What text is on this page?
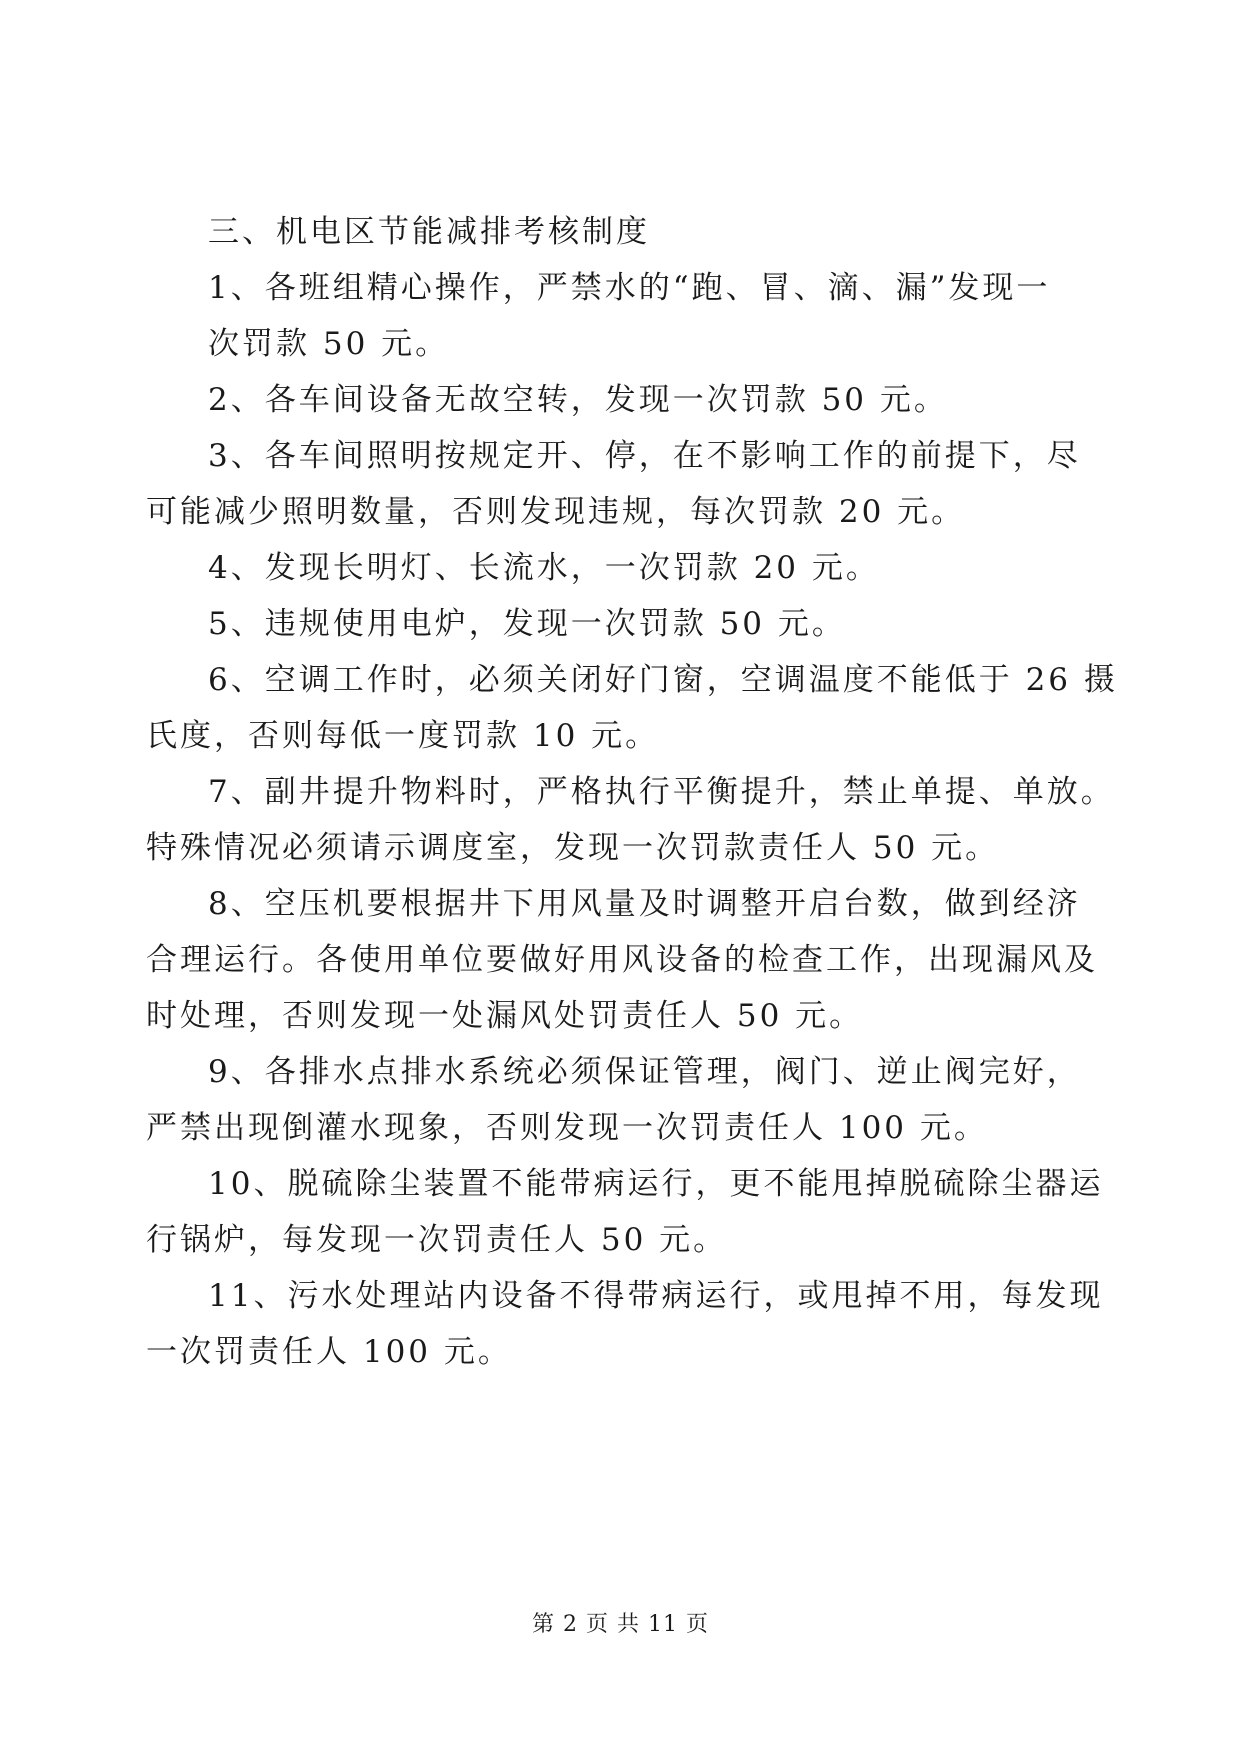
三、机电区节能减排考核制度
1、各班组精心操作，严禁水的“跑、冒、滴、漏”发现一
次罚款 50 元。
2、各车间设备无故空转，发现一次罚款 50 元。
3、各车间照明按规定开、停，在不影响工作的前提下，尽
可能减少照明数量，否则发现违规，每次罚款 20 元。
4、发现长明灯、长流水，一次罚款 20 元。
5、违规使用电炉，发现一次罚款 50 元。
6、空调工作时，必须关闭好门窗，空调温度不能低于 26 摄
氏度，否则每低一度罚款 10 元。
7、副井提升物料时，严格执行平衡提升，禁止单提、单放。
特殊情况必须请示调度室，发现一次罚款责任人 50 元。
8、空压机要根据井下用风量及时调整开启台数，做到经济
合理运行。各使用单位要做好用风设备的检查工作，出现漏风及
时处理，否则发现一处漏风处罚责任人 50 元。
9、各排水点排水系统必须保证管理，阀门、逆止阀完好，
严禁出现倒灌水现象，否则发现一次罚责任人 100 元。
10、脱硫除尘装置不能带病运行，更不能甩掉脱硫除尘器运
行锅炉，每发现一次罚责任人 50 元。
11、污水处理站内设备不得带病运行，或甩掉不用，每发现
一次罚责任人 100 元。
第 2 页 共 11 页
